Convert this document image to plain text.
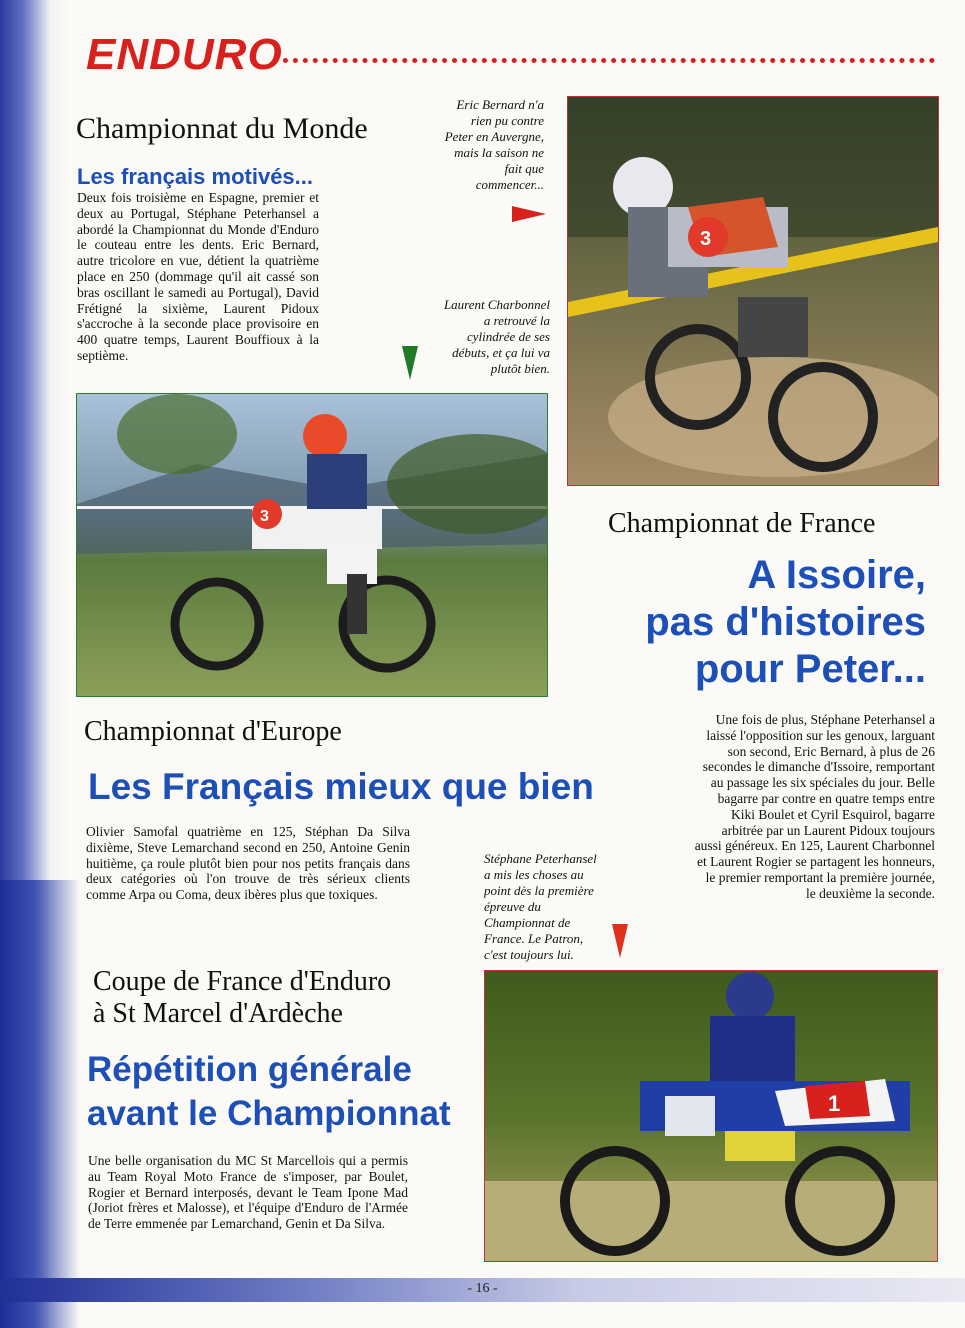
ENDURO
Championnat du Monde
Les français motivés...
Deux fois troisième en Espagne, premier et deux au Portugal, Stéphane Peterhansel a abordé la Championnat du Monde d'Enduro le couteau entre les dents. Eric Bernard, autre tricolore en vue, détient la quatrième place en 250 (dommage qu'il ait cassé son bras oscillant le samedi au Portugal), David Frétigné la sixième, Laurent Pidoux s'accroche à la seconde place provisoire en 400 quatre temps, Laurent Bouffioux à la septième.
Eric Bernard n'a
rien pu contre
Peter en Auvergne,
mais la saison ne
fait que
commencer...
Laurent Charbonnel
a retrouvé la
cylindrée de ses
débuts, et ça lui va
plutôt bien.
3
3	Championnat de France
A Issoire,
pas d'histoires
pour Peter...
Une fois de plus, Stéphane Peterhansel a laissé l'opposition sur les genoux, larguant son second, Eric Bernard, à plus de 26 secondes le dimanche d'Issoire, remportant au passage les six spéciales du jour. Belle bagarre par contre en quatre temps entre Kiki Boulet et Cyril Esquirol, bagarre arbitrée par un Laurent Pidoux toujours aussi généreux. En 125, Laurent Charbonnel et Laurent Rogier se partagent les honneurs, le premier remportant la première journée, le deuxième la seconde.
Championnat d'Europe
Les Français mieux que bien
Olivier Samofal quatrième en 125, Stéphan Da Silva dixième, Steve Lemarchand second en 250, Antoine Genin huitième, ça roule plutôt bien pour nos petits français dans deux catégories où l'on trouve de très sérieux clients comme Arpa ou Coma, deux ibères plus que toxiques.
Stéphane Peterhansel
a mis les choses au
point dès la première
épreuve du
Championnat de
France. Le Patron,
c'est toujours lui.
Coupe de France d'Enduro
à St Marcel d'Ardèche
Répétition générale
avant le Championnat
Une belle organisation du MC St Marcellois qui a permis au Team Royal Moto France de s'imposer, par Boulet, Rogier et Bernard interposés, devant le Team Ipone Mad (Joriot frères et Malosse), et l'équipe d'Enduro de l'Armée de Terre emmenée par Lemarchand, Genin et Da Silva.
1
- 16 -
